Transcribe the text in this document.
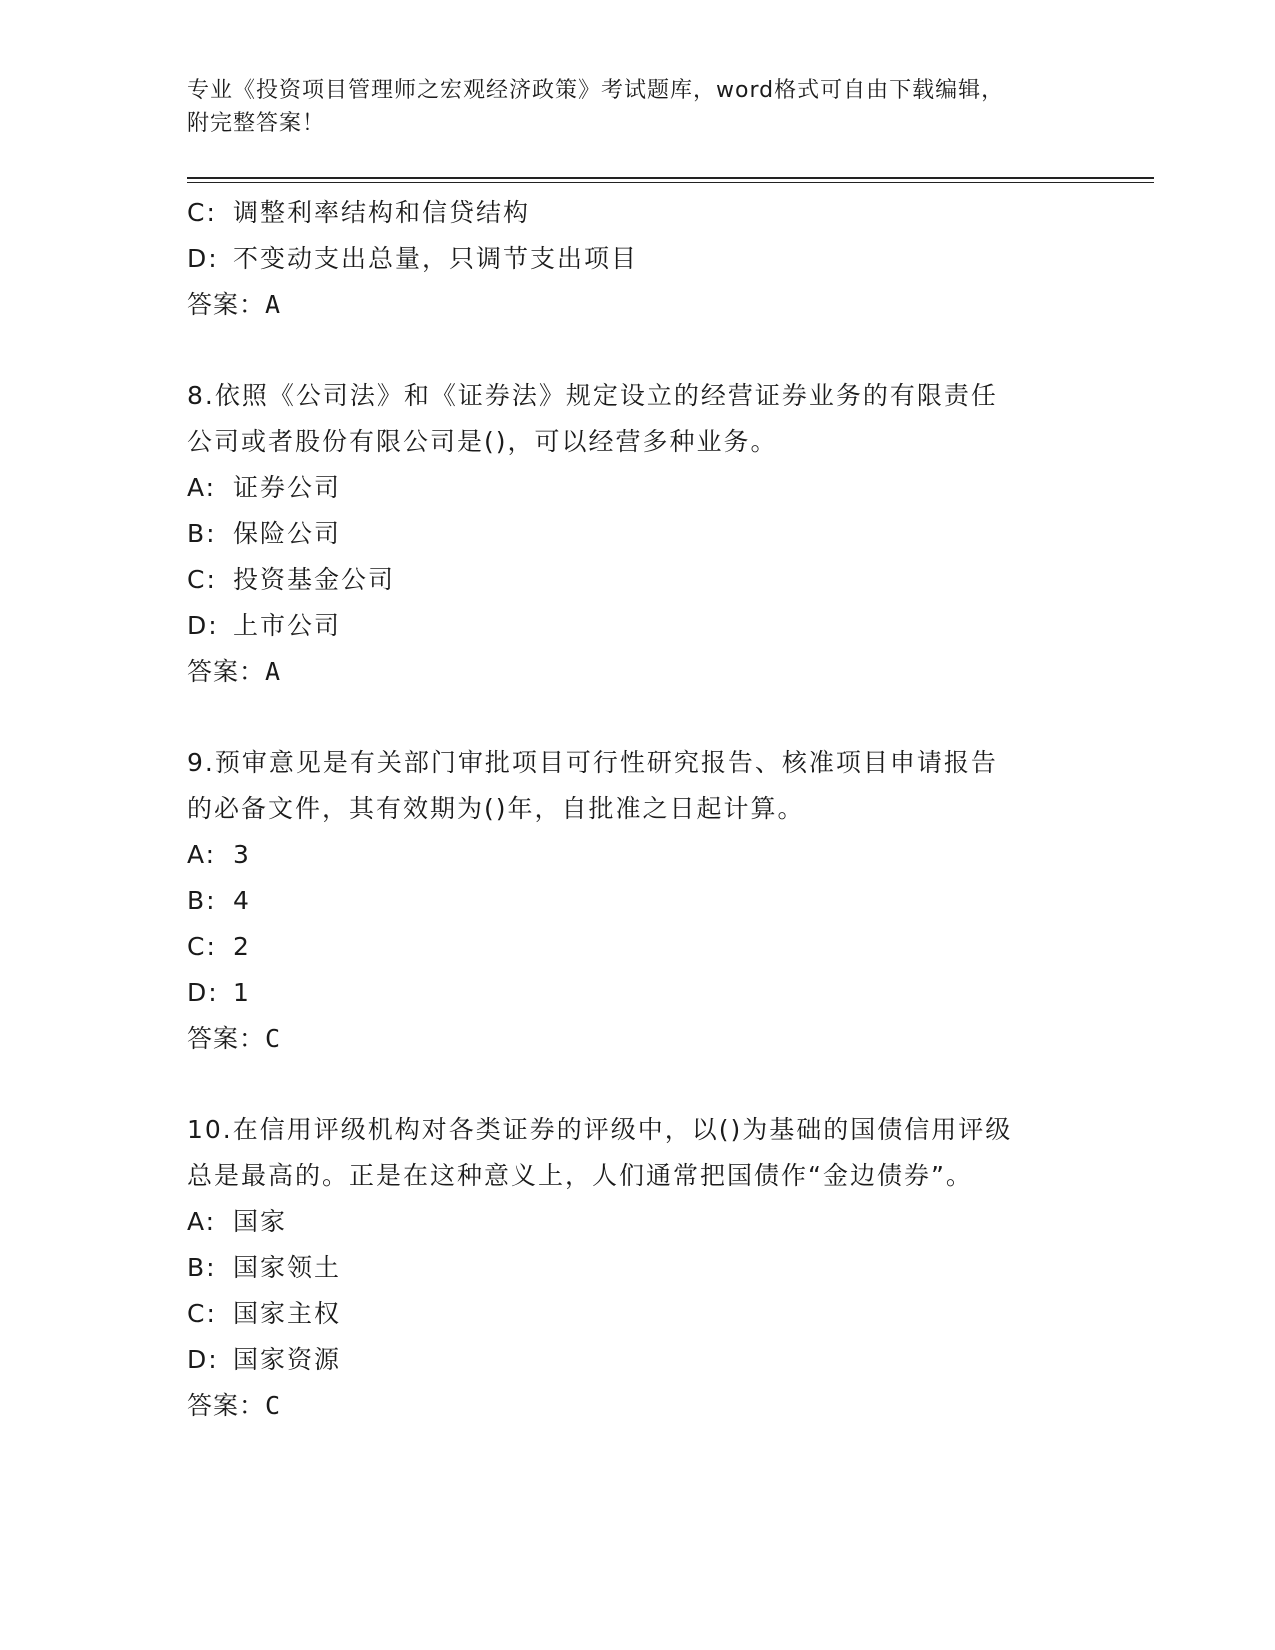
专业《投资项目管理师之宏观经济政策》考试题库，word格式可自由下载编辑，
附完整答案！
C: 调整利率结构和信贷结构
D: 不变动支出总量，只调节支出项目
答案：A
8.依照《公司法》和《证券法》规定设立的经营证券业务的有限责任
公司或者股份有限公司是()，可以经营多种业务。
A: 证券公司
B: 保险公司
C: 投资基金公司
D: 上市公司
答案：A
9.预审意见是有关部门审批项目可行性研究报告、核准项目申请报告
的必备文件，其有效期为()年，自批准之日起计算。
A: 3
B: 4
C: 2
D: 1
答案：C
10.在信用评级机构对各类证券的评级中，以()为基础的国债信用评级
总是最高的。正是在这种意义上，人们通常把国债作“金边债券”。
A: 国家
B: 国家领土
C: 国家主权
D: 国家资源
答案：C
